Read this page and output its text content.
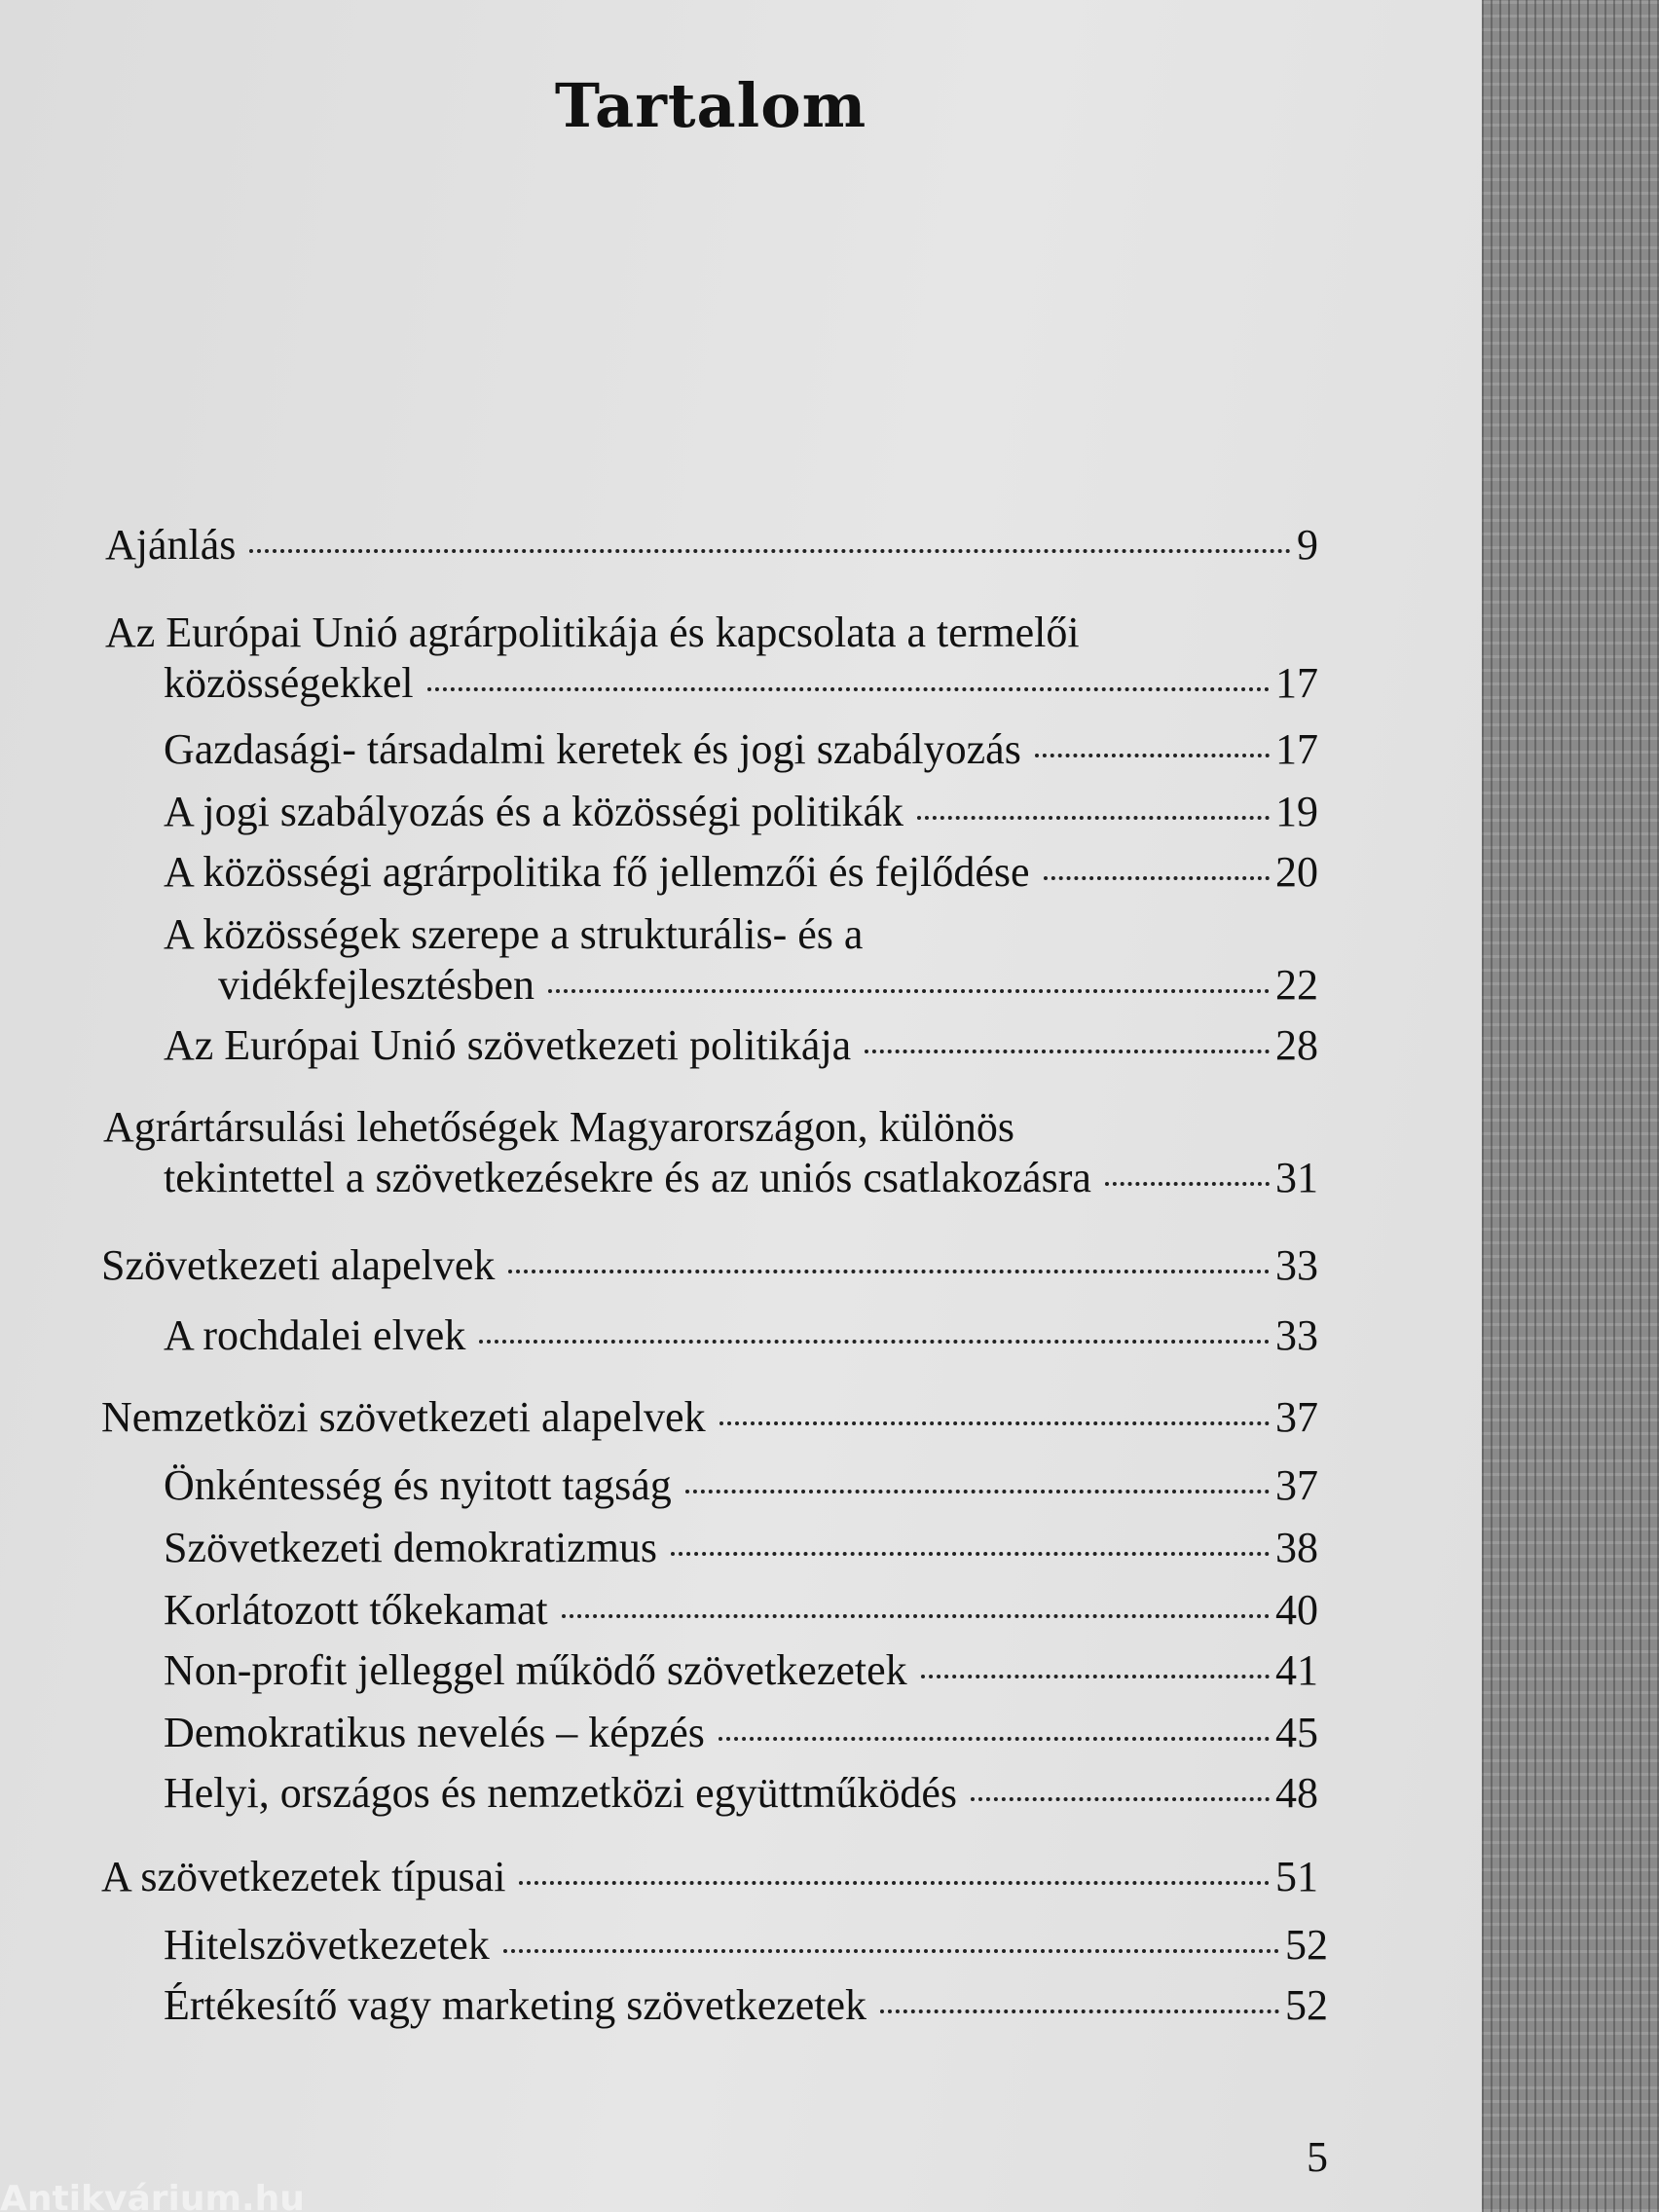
Tartalom
Ajánlás	9
Az Európai Unió agrárpolitikája és kapcsolata a termelői
közösségekkel	17
Gazdasági- társadalmi keretek és jogi szabályozás	17
A jogi szabályozás és a közösségi politikák	19
A közösségi agrárpolitika fő jellemzői és fejlődése	20
A közösségek szerepe a strukturális- és a
vidékfejlesztésben	22
Az Európai Unió szövetkezeti politikája	28
Agrártársulási lehetőségek Magyarországon, különös
tekintettel a szövetkezésekre és az uniós csatlakozásra	31
Szövetkezeti alapelvek	33
A rochdalei elvek	33
Nemzetközi szövetkezeti alapelvek	37
Önkéntesség és nyitott tagság	37
Szövetkezeti demokratizmus	38
Korlátozott tőkekamat	40
Non-profit jelleggel működő szövetkezetek	41
Demokratikus nevelés – képzés	45
Helyi, országos és nemzetközi együttműködés	48
A szövetkezetek típusai	51
Hitelszövetkezetek	52
Értékesítő vagy marketing szövetkezetek	52
5
Antikvárium.hu
